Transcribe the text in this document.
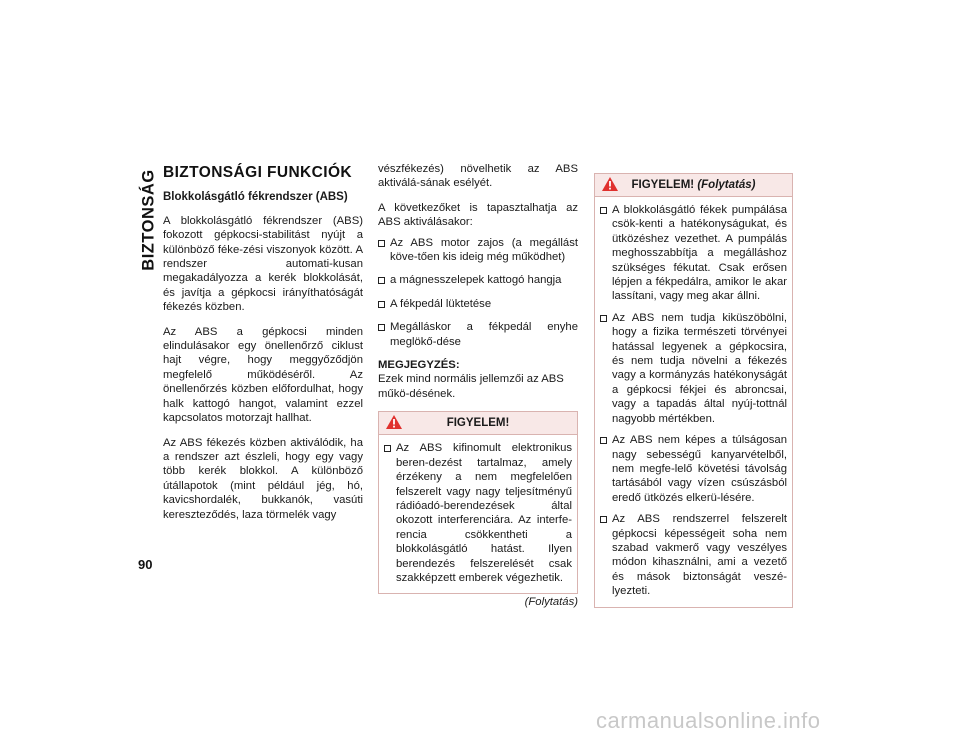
BIZTONSÁG
90
BIZTONSÁGI FUNKCIÓK
Blokkolásgátló fékrendszer (ABS)

A blokkolásgátló fékrendszer (ABS) fokozott gépkocsi-stabilitást nyújt a különböző féke-zési viszonyok között. A rendszer automati-kusan megakadályozza a kerék blokkolását, és javítja a gépkocsi irányíthatóságát fékezés közben.

Az ABS a gépkocsi minden elindulásakor egy önellenőrző ciklust hajt végre, hogy meggyőződjön megfelelő működéséről. Az önellenőrzés közben előfordulhat, hogy halk kattogó hangot, valamint ezzel kapcsolatos motorzajt hallhat.

Az ABS fékezés közben aktiválódik, ha a rendszer azt észleli, hogy egy vagy több kerék blokkol. A különböző útállapotok (mint például jég, hó, kavicshordalék, bukkanók, vasúti kereszteződés, laza törmelék vagy

vészfékezés) növelhetik az ABS aktiválá-sának esélyét.

A következőket is tapasztalhatja az ABS aktiválásakor:

Az ABS motor zajos (a megállást köve-tően kis ideig még működhet)
a mágnesszelepek kattogó hangja
A fékpedál lüktetése
Megálláskor a fékpedál enyhe meglökő-dése
MEGJEGYZÉS:
Ezek mind normális jellemzői az ABS műkö-désének.
FIGYELEM!
Az ABS kifinomult elektronikus beren-dezést tartalmaz, amely érzékeny a nem megfelelően felszerelt vagy nagy teljesítményű rádióadó-berendezések által okozott interferenciára. Az interfe-rencia csökkentheti a blokkolásgátló hatást. Ilyen berendezés felszerelését csak szakképzett emberek végezhetik.
(Folytatás)
FIGYELEM! (Folytatás)
A blokkolásgátló fékek pumpálása csök-kenti a hatékonyságukat, és ütközéshez vezethet. A pumpálás meghosszabbítja a megálláshoz szükséges fékutat. Csak erősen lépjen a fékpedálra, amikor le akar lassítani, vagy meg akar állni.
Az ABS nem tudja kiküszöbölni, hogy a fizika természeti törvényei hatással legyenek a gépkocsira, és nem tudja növelni a fékezés vagy a kormányzás hatékonyságát a gépkocsi fékjei és abroncsai, vagy a tapadás által nyúj-tottnál nagyobb mértékben.
Az ABS nem képes a túlságosan nagy sebességű kanyarvételből, nem megfe-lelő követési távolság tartásából vagy vízen csúszásból eredő ütközés elkerü-lésére.
Az ABS rendszerrel felszerelt gépkocsi képességeit soha nem szabad vakmerő vagy veszélyes módon kihasználni, ami a vezető és mások biztonságát veszé-lyezteti.
carmanualsonline.info
